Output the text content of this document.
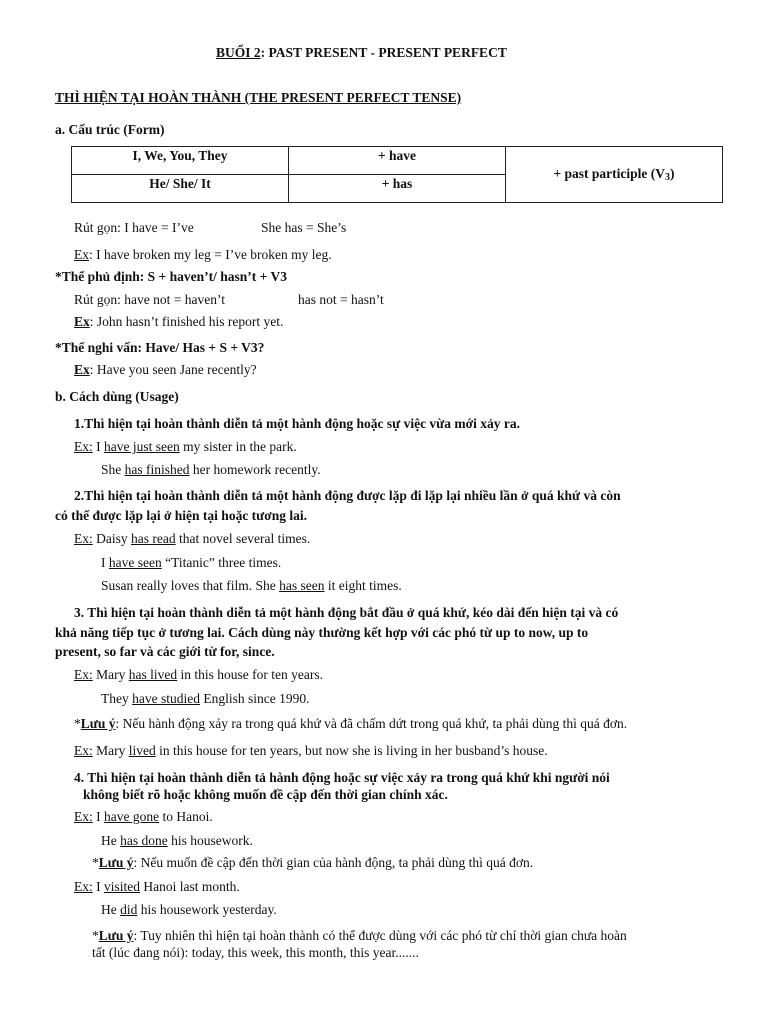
BUỔI 2: PAST PRESENT - PRESENT PERFECT
THÌ HIỆN TẠI HOÀN THÀNH (THE PRESENT PERFECT TENSE)
a. Cấu trúc (Form)
I, We, You, They	+ have	+ past participle $(V_3)$
He/ She/ It	+ has	
Rút gọn: I have = I’ve	She has = She’s
Ex: I have broken my leg = I’ve broken my leg.
*Thể phủ định: S + haven’t/ hasn’t + V3
Rút gọn: have not = haven’t	has not = hasn’t
Ex: John hasn’t finished his report yet.
*Thể nghi vấn: Have/ Has + S + V3?
Ex: Have you seen Jane recently?
b. Cách dùng (Usage)
1.Thì hiện tại hoàn thành diễn tả một hành động hoặc sự việc vừa mới xảy ra.
Ex: I have just seen my sister in the park.
She has finished her homework recently.
2.Thì hiện tại hoàn thành diễn tả một hành động được lặp đi lặp lại nhiều lần ở quá khứ và còn
có thể được lặp lại ở hiện tại hoặc tương lai.
Ex: Daisy has read that novel several times.
I have seen “Titanic” three times.
Susan really loves that film. She has seen it eight times.
3. Thì hiện tại hoàn thành diễn tả một hành động bắt đầu ở quá khứ, kéo dài đến hiện tại và có
khả năng tiếp tục ở tương lai. Cách dùng này thường kết hợp với các phó từ up to now, up to
present, so far và các giới từ for, since.
Ex: Mary has lived in this house for ten years.
They have studied English since 1990.
*Lưu ý: Nếu hành động xảy ra trong quá khứ và đã chấm dứt trong quá khứ, ta phải dùng thì quá đơn.
Ex: Mary lived in this house for ten years, but now she is living in her busband’s house.
4. Thì hiện tại hoàn thành diễn tả hành động hoặc sự việc xảy ra trong quá khứ khi người nói
không biết rõ hoặc không muốn đề cập đến thời gian chính xác.
Ex: I have gone to Hanoi.
He has done his housework.
*Lưu ý: Nếu muốn đề cập đến thời gian của hành động, ta phải dùng thì quá đơn.
Ex: I visited Hanoi last month.
He did his housework yesterday.
*Lưu ý: Tuy nhiên thì hiện tại hoàn thành có thể được dùng với các phó từ chỉ thời gian chưa hoàn
tất (lúc đang nói): today, this week, this month, this year.......
